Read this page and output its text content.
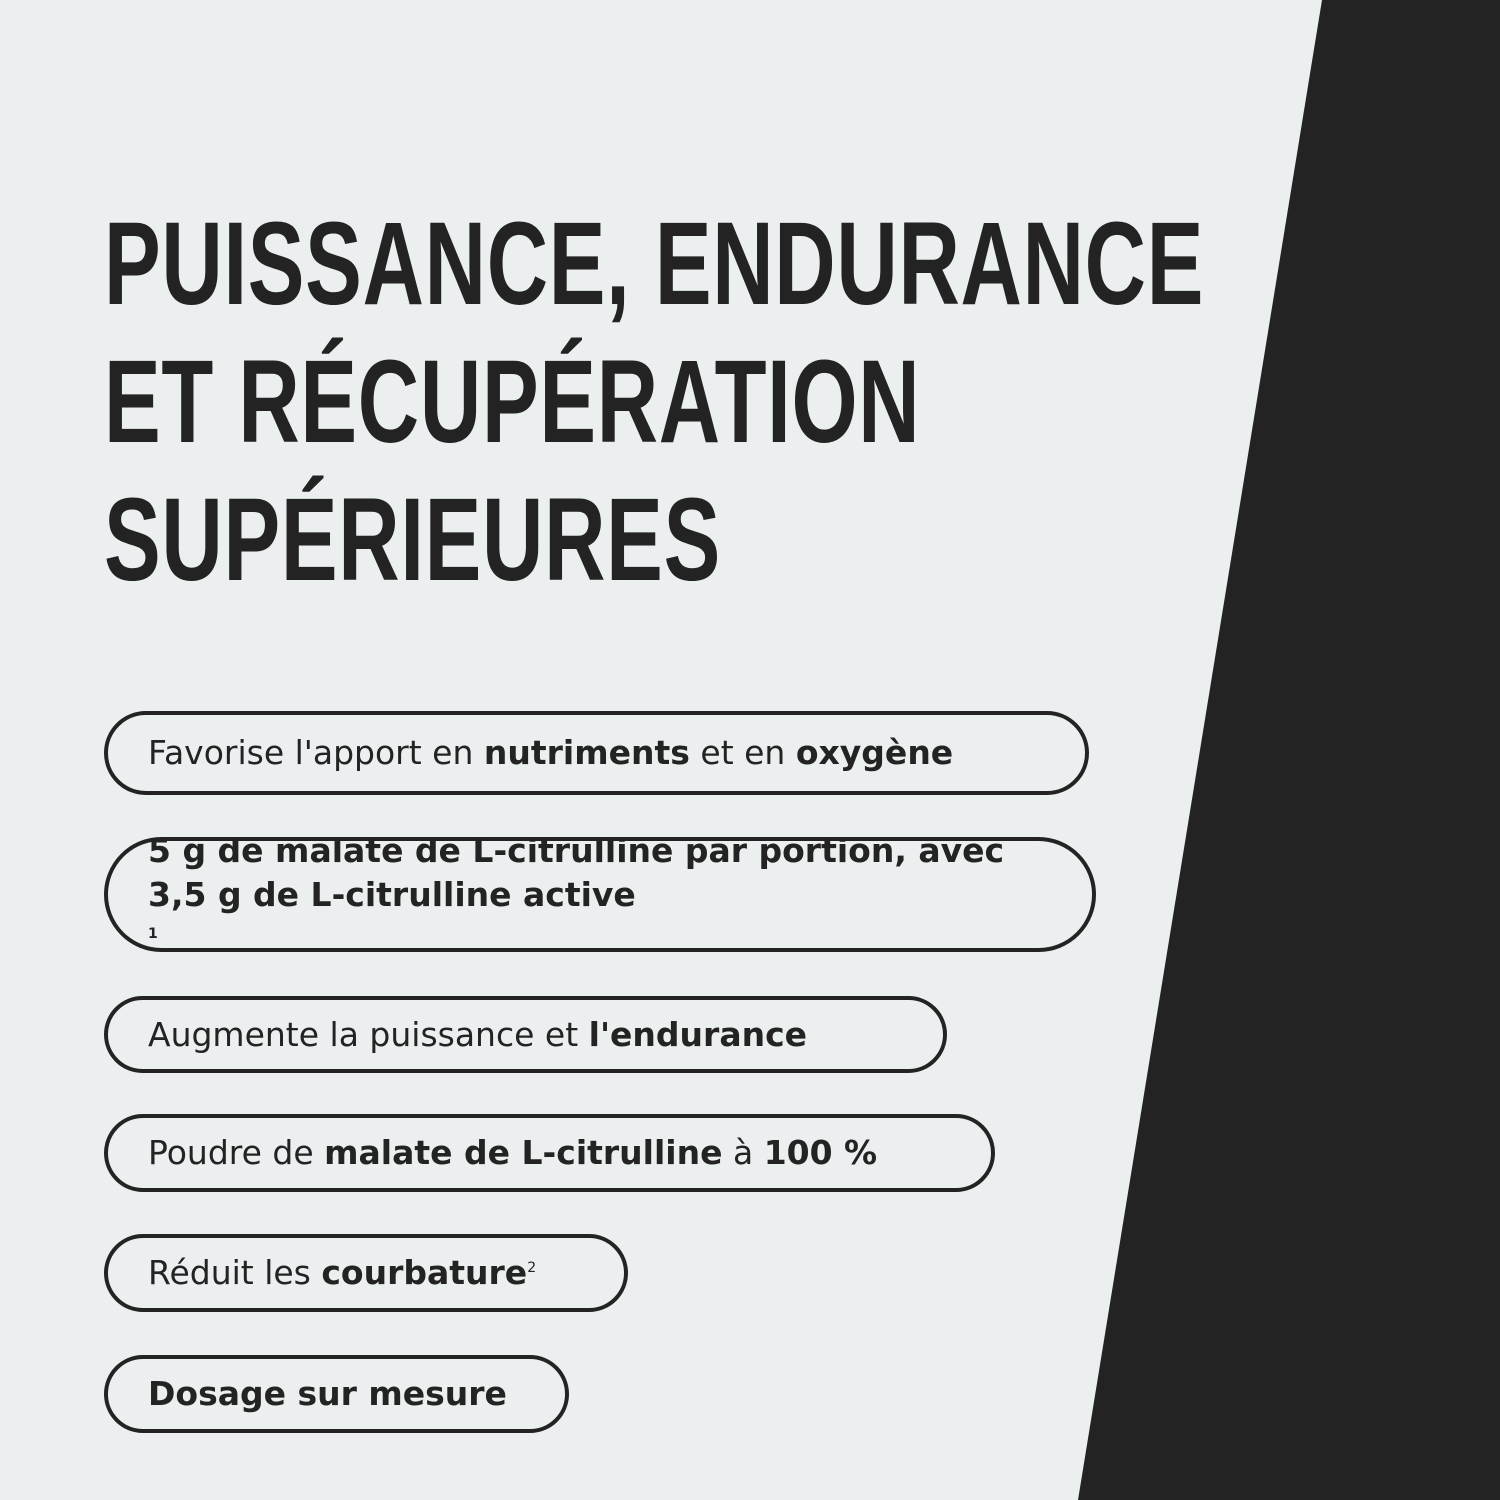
PUISSANCE, ENDURANCE
ET RÉCUPÉRATION
SUPÉRIEURES
Favorise l'apport en nutriments et en oxygène
5 g de malate de L-citrulline par portion, avec
3,5 g de L-citrulline active
$^1$
Augmente la puissance et l'endurance
Poudre de malate de L-citrulline à 100 %
Réduit les courbature$^2$
Dosage sur mesure
